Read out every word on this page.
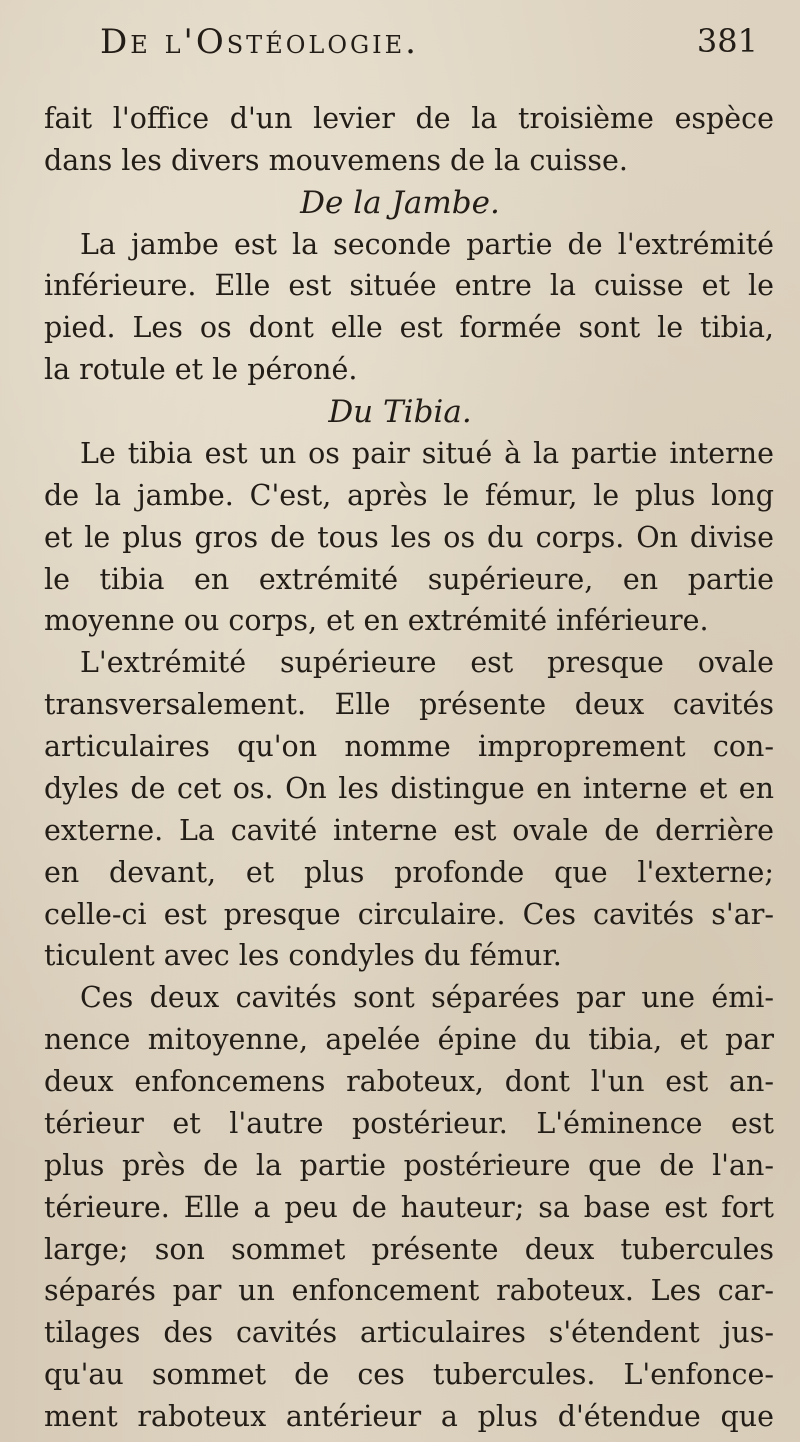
De l'Ostéologie.	381
fait l'office d'un levier de la troisième espèce
dans les divers mouvemens de la cuisse.
De la Jambe.
La jambe est la seconde partie de l'extrémité
inférieure. Elle est située entre la cuisse et le
pied. Les os dont elle est formée sont le tibia,
la rotule et le péroné.
Du Tibia.
Le tibia est un os pair situé à la partie interne
de la jambe. C'est, après le fémur, le plus long
et le plus gros de tous les os du corps. On divise
le tibia en extrémité supérieure, en partie
moyenne ou corps, et en extrémité inférieure.
L'extrémité supérieure est presque ovale
transversalement. Elle présente deux cavités
articulaires qu'on nomme improprement con-
dyles de cet os. On les distingue en interne et en
externe. La cavité interne est ovale de derrière
en devant, et plus profonde que l'externe;
celle-ci est presque circulaire. Ces cavités s'ar-
ticulent avec les condyles du fémur.
Ces deux cavités sont séparées par une émi-
nence mitoyenne, apelée épine du tibia, et par
deux enfoncemens raboteux, dont l'un est an-
térieur et l'autre postérieur. L'éminence est
plus près de la partie postérieure que de l'an-
térieure. Elle a peu de hauteur; sa base est fort
large; son sommet présente deux tubercules
séparés par un enfoncement raboteux. Les car-
tilages des cavités articulaires s'étendent jus-
qu'au sommet de ces tubercules. L'enfonce-
ment raboteux antérieur a plus d'étendue que
